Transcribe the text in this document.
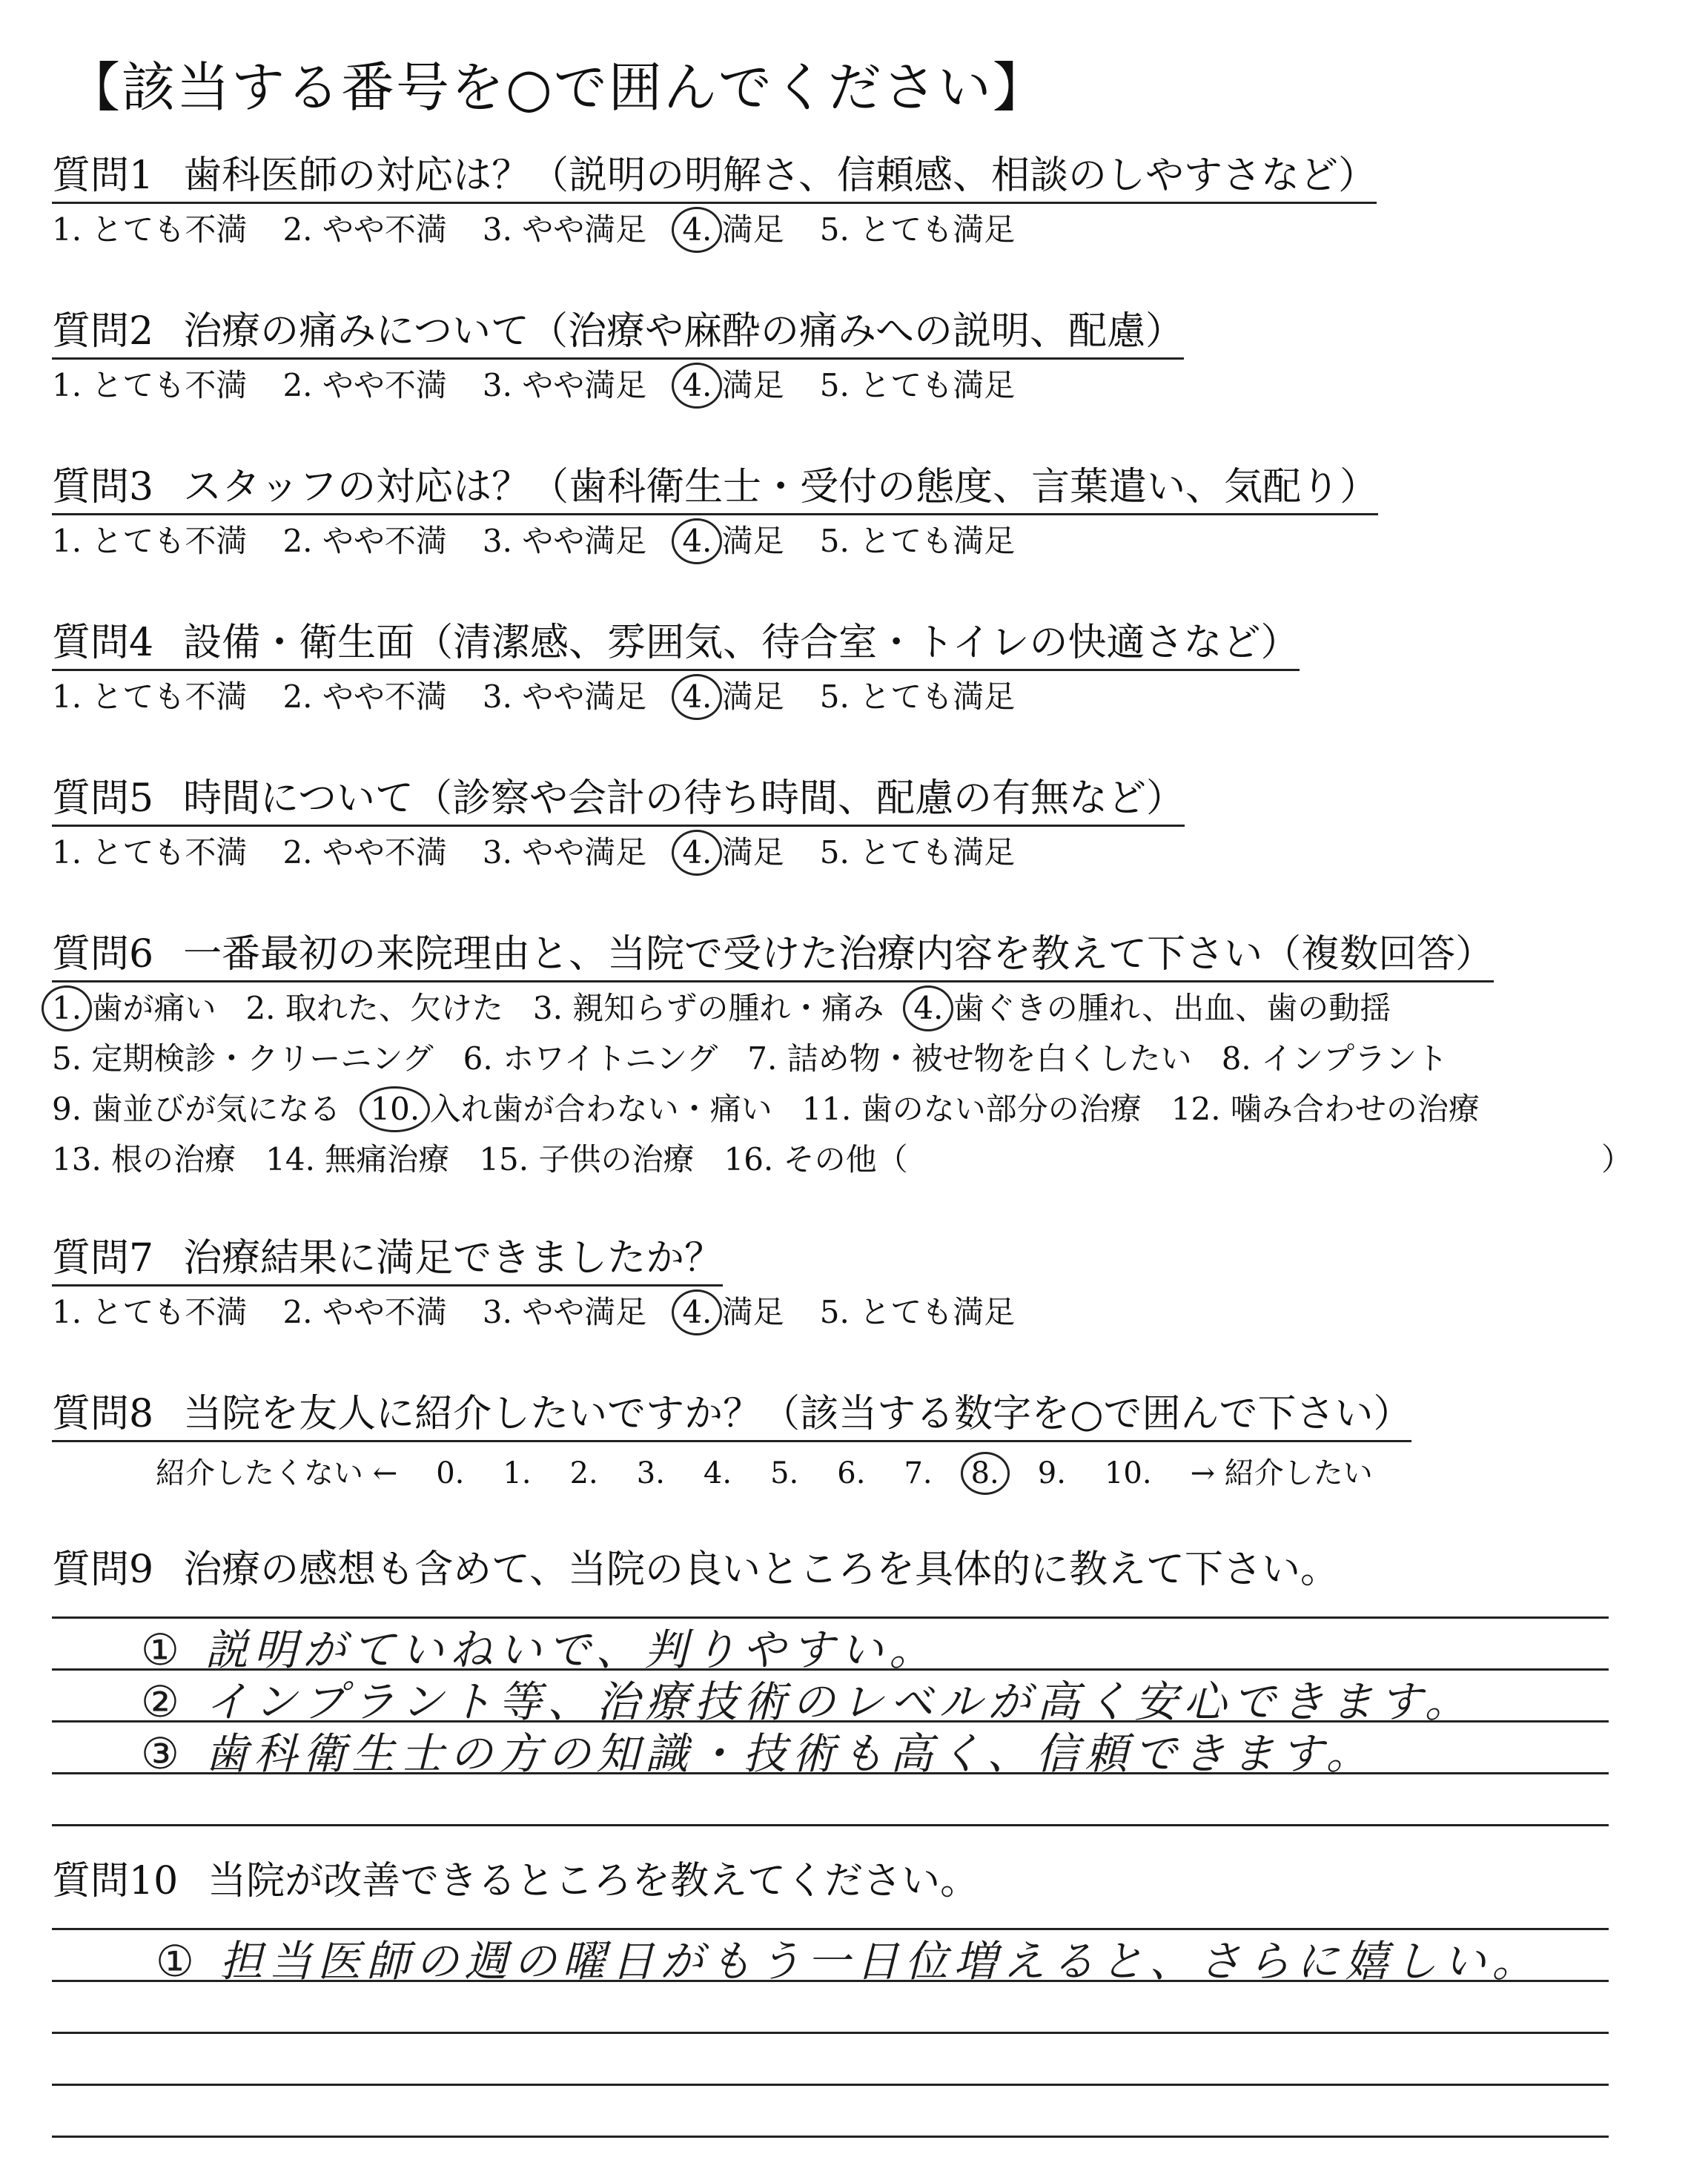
【該当する番号を○で囲んでください】
質問1 歯科医師の対応は？（説明の明解さ、信頼感、相談のしやすさなど）
1. とても不満 2. やや不満 3. やや満足 4. 満足 5. とても満足
質問2 治療の痛みについて（治療や麻酔の痛みへの説明、配慮）
1. とても不満 2. やや不満 3. やや満足 4. 満足 5. とても満足
質問3 スタッフの対応は？（歯科衛生士・受付の態度、言葉遣い、気配り）
1. とても不満 2. やや不満 3. やや満足 4. 満足 5. とても満足
質問4 設備・衛生面（清潔感、雰囲気、待合室・トイレの快適さなど）
1. とても不満 2. やや不満 3. やや満足 4. 満足 5. とても満足
質問5 時間について（診察や会計の待ち時間、配慮の有無など）
1. とても不満 2. やや不満 3. やや満足 4. 満足 5. とても満足
質問6 一番最初の来院理由と、当院で受けた治療内容を教えて下さい（複数回答）
1. 歯が痛い 2. 取れた、欠けた 3. 親知らずの腫れ・痛み 4. 歯ぐきの腫れ、出血、歯の動揺
5. 定期検診・クリーニング 6. ホワイトニング 7. 詰め物・被せ物を白くしたい 8. インプラント
9. 歯並びが気になる 10. 入れ歯が合わない・痛い 11. 歯のない部分の治療 12. 噛み合わせの治療
13. 根の治療 14. 無痛治療 15. 子供の治療 16. その他（	）
質問7 治療結果に満足できましたか？
1. とても不満 2. やや不満 3. やや満足 4. 満足 5. とても満足
質問8 当院を友人に紹介したいですか？（該当する数字を○で囲んで下さい）
紹介したくない ← 0. 1. 2. 3. 4. 5. 6. 7. 8. 9. 10. → 紹介したい
質問9 治療の感想も含めて、当院の良いところを具体的に教えて下さい。
① 説明がていねいで、判りやすい。
② インプラント等、治療技術のレベルが高く安心できます。
③ 歯科衛生士の方の知識・技術も高く、信頼できます。
質問10 当院が改善できるところを教えてください。
① 担当医師の週の曜日がもう一日位増えると、さらに嬉しい。
